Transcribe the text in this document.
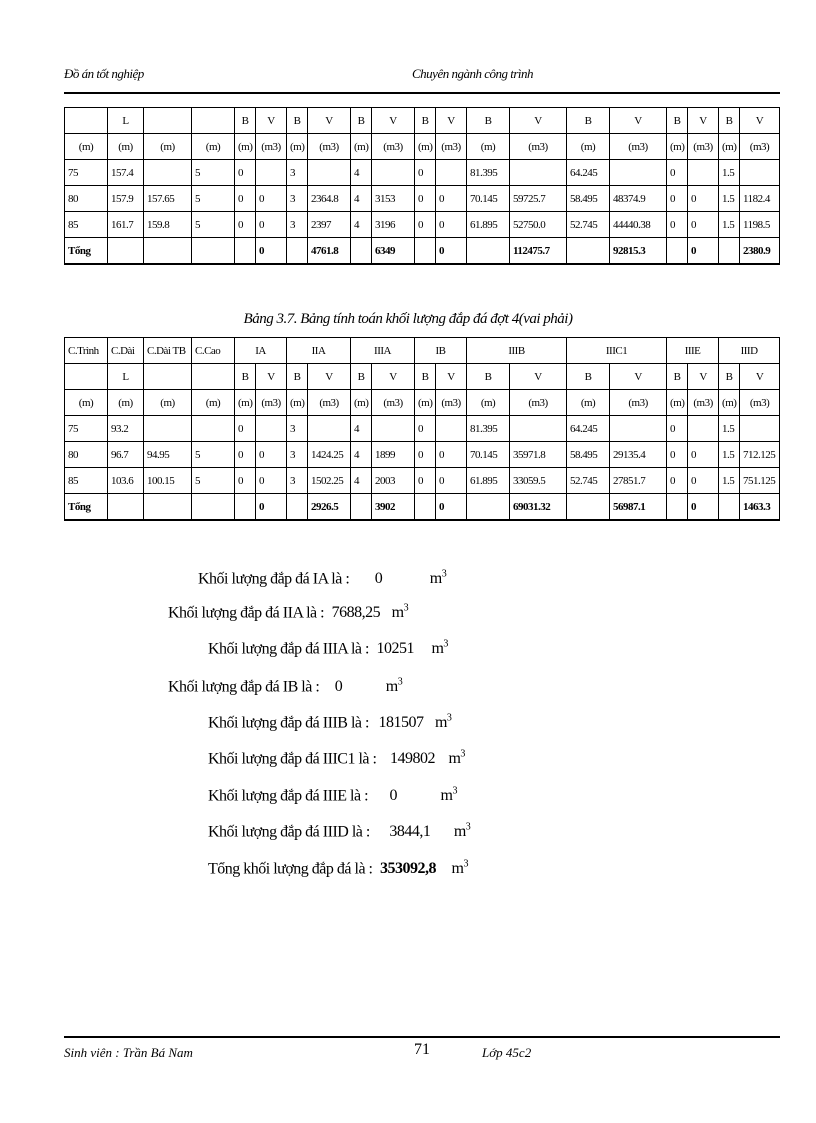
Đồ án tốt nghiệp	Chuyên ngành công trình
	L			B	V	B	V	B	V	B	V	B	V	B	V	B	V	B	V
(m)	(m)	(m)	(m)	(m)	(m3)	(m)	(m3)	(m)	(m3)	(m)	(m3)	(m)	(m3)	(m)	(m3)	(m)	(m3)	(m)	(m3)
75	157.4		5	0		3		4		0		81.395		64.245		0		1.5	
80	157.9	157.65	5	0	0	3	2364.8	4	3153	0	0	70.145	59725.7	58.495	48374.9	0	0	1.5	1182.4
85	161.7	159.8	5	0	0	3	2397	4	3196	0	0	61.895	52750.0	52.745	44440.38	0	0	1.5	1198.5
Tổng					0		4761.8		6349		0		112475.7		92815.3		0		2380.9
Bảng 3.7. Bảng tính toán khối lượng đắp đá đợt 4(vai phải)
C.Trình	C.Dài	C.Dài TB	C.Cao	IA		IIA		IIIA		IB		IIIB		IIIC1		IIIE		IIID	
	L			B	V	B	V	B	V	B	V	B	V	B	V	B	V	B	V
(m)	(m)	(m)	(m)	(m)	(m3)	(m)	(m3)	(m)	(m3)	(m)	(m3)	(m)	(m3)	(m)	(m3)	(m)	(m3)	(m)	(m3)
75	93.2			0		3		4		0		81.395		64.245		0		1.5	
80	96.7	94.95	5	0	0	3	1424.25	4	1899	0	0	70.145	35971.8	58.495	29135.4	0	0	1.5	712.125
85	103.6	100.15	5	0	0	3	1502.25	4	2003	0	0	61.895	33059.5	52.745	27851.7	0	0	1.5	751.125
Tổng					0		2926.5		3902		0		69031.32		56987.1		0		1463.3
Khối lượng đắp đá IA là : 0	$m^3$
Khối lượng đắp đá IIA là : 7688,25 $m^3$
Khối lượng đắp đá IIIA là : 10251 $m^3$
Khối lượng đắp đá IB là : 0	$m^3$
Khối lượng đắp đá IIIB là : 181507 $m^3$
Khối lượng đắp đá IIIC1 là : 149802 $m^3$
Khối lượng đắp đá IIIE là : 0	$m^3$
Khối lượng đắp đá IIID là : 3844,1 $m^3$
Tổng khối lượng đắp đá là : 353092,8 $m^3$
Sinh viên : Trần Bá Nam	71	Lớp 45c2
